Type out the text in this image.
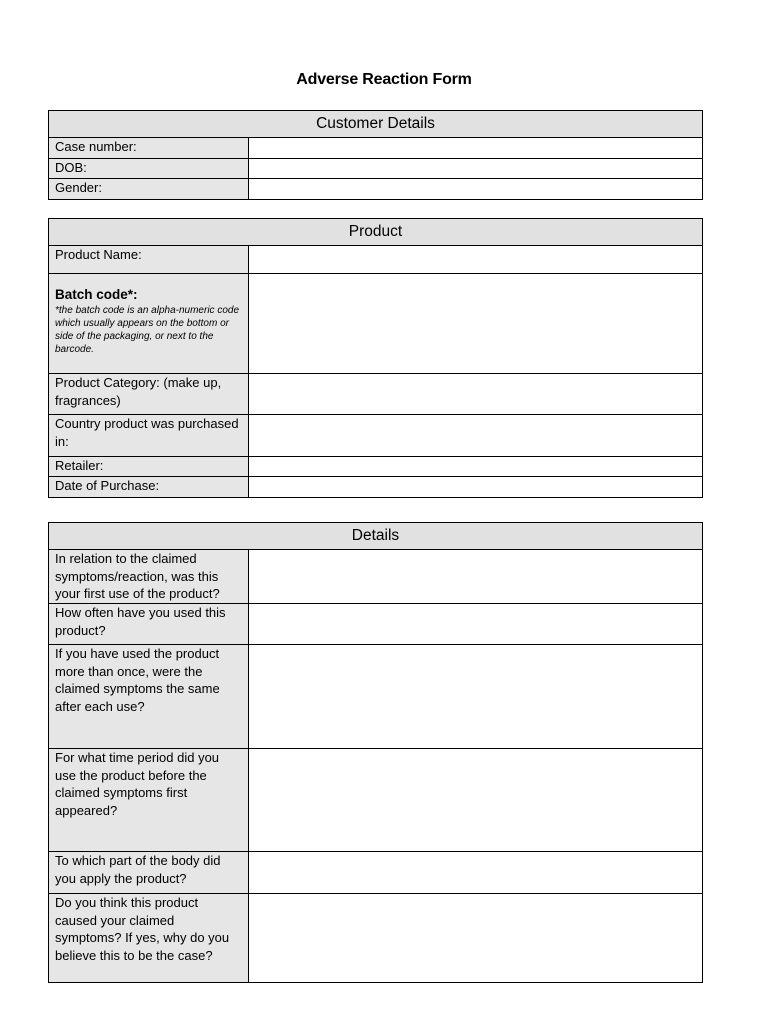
Adverse Reaction Form
Customer Details	
Case number:	
DOB:	
Gender:	
Product	
Product Name:	

Batch code*:
*the batch code is an alpha-numeric code which usually appears on the bottom or side of the packaging, or next to the barcode.	

Product Category: (make up, fragrances)	
Country product was purchased in:	
Retailer:	
Date of Purchase:	
Details	
In relation to the claimed symptoms/reaction, was this your first use of the product?	
How often have you used this product?	
If you have used the product more than once, were the claimed symptoms the same after each use?	
For what time period did you use the product before the claimed symptoms first appeared?	
To which part of the body did you apply the product?	
Do you think this product caused your claimed symptoms? If yes, why do you believe this to be the case?	
